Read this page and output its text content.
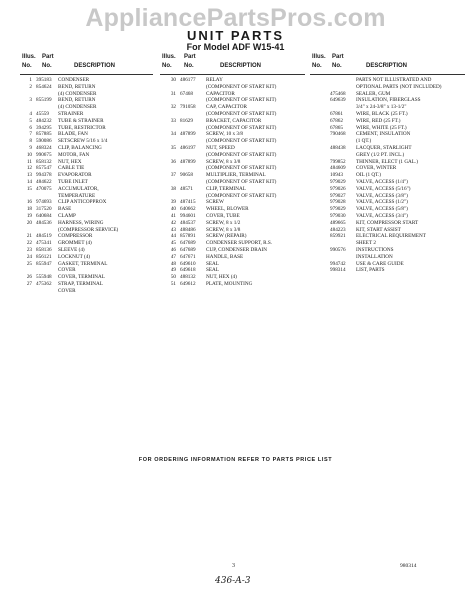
AppliancePartsPros.com
UNIT PARTS
For Model ADF W15-41
Illus. Part
No. No.	DESCRIPTION
1 395183	CONDENSER
2 854624	BEND, RETURN
(4) CONDENSER
3 855199	BEND, RETURN
(4) CONDENSER
4 45559	STRAINER
5 484232	TUBE & STRAINER
6 394295	TUBE, RESTRICTOR
7 857885	BLADE, FAN
8 590086	SETSCREW 5/16 x 1/4
9 468324	CLIP, BALANCING
10 990675	MOTOR, FAN
11 858132	NUT, HEX
12 857547	CABLE TIE
13 994378	EVAPORATOR
14 484622	TUBE INLET
15 470075	ACCUMULATOR,
TEMPERATURE
16 974693	CLIP ANTICOPPROX
18 317520	BASE
19 640684	CLAMP
20 484536	HARNESS, WIRING
(COMPRESSOR SERVICE)
21 484519	COMPRESSOR
22 475341	GROMMET (4)
23 858136	SLEEVE (4)
24 856121	LOCKNUT (4)
25 855947	GASKET, TERMINAL
COVER
26 555948	COVER, TERMINAL
27 475362	STRAP, TERMINAL
COVER
Illus. Part
No. No.	DESCRIPTION
30 486177	RELAY
(COMPONENT OF START KIT)
31 67468	CAPACITOR
(COMPONENT OF START KIT)
32 791058	CAP, CAPACITOR
(COMPONENT OF START KIT)
33 81629	BRACKET, CAPACITOR
(COMPONENT OF START KIT)
34 487899	SCREW, 10 x 3/8
(COMPONENT OF START KIT)
35 486197	NUT, SPEED
(COMPONENT OF START KIT)
36 487899	SCREW, 8 x 3/8
(COMPONENT OF START KIT)
37 90658	MULTIPLIER, TERMINAL
(COMPONENT OF START KIT)
38 48571	CLIP, TERMINAL
(COMPONENT OF START KIT)
39 487415	SCREW
40 640662	WHEEL, BLOWER
41 994601	COVER, TUBE
42 484537	SCREW, 8 x 1/2
43 488486	SCREW, 8 x 3/8
44 857891	SCREW (REPAIR)
45 647689	CONDENSER SUPPORT, R.S.
46 647689	CUP, CONDENSER DRAIN
47 647671	HANDLE, BASE
48 649610	SEAL
49 649618	SEAL
50 488132	NUT, HEX (4)
51 649612	PLATE, MOUNTING
Illus. Part
No. No.	DESCRIPTION
PARTS NOT ILLUSTRATED AND
OPTIONAL PARTS (NOT INCLUDED)
475468	SEALER, GUM
649639	INSULATION, FIBERGLASS
3/4" x 24-3/8" x 13-1/2"
67861	WIRE, BLACK (25 FT.)
67862	WIRE, RED (25 FT.)
67865	WIRE, WHITE (25 FT.)
790468	CEMENT, INSULATION
(1 QT.)
488438	LACQUER, STARLIGHT
GREY (1/2 PT. INCL.)
799852	THINNER, ELECT (1 GAL.)
484609	COVER, WINTER
10943	OIL (1 QT.)
979029	VALVE, ACCESS (1/4")
979026	VALVE, ACCESS (5/16")
979027	VALVE, ACCESS (3/8")
979028	VALVE, ACCESS (1/2")
979029	VALVE, ACCESS (5/8")
979030	VALVE, ACCESS (3/4")
489665	KIT, COMPRESSOR START
484223	KIT, START ASSIST
859921	ELECTRICAL REQUIREMENT
SHEET 2
990576	INSTRUCTIONS
INSTALLATION
994742	USE & CARE GUIDE
998314	LIST, PARTS
FOR ORDERING INFORMATION REFER TO PARTS PRICE LIST
3	980314
436-A-3
